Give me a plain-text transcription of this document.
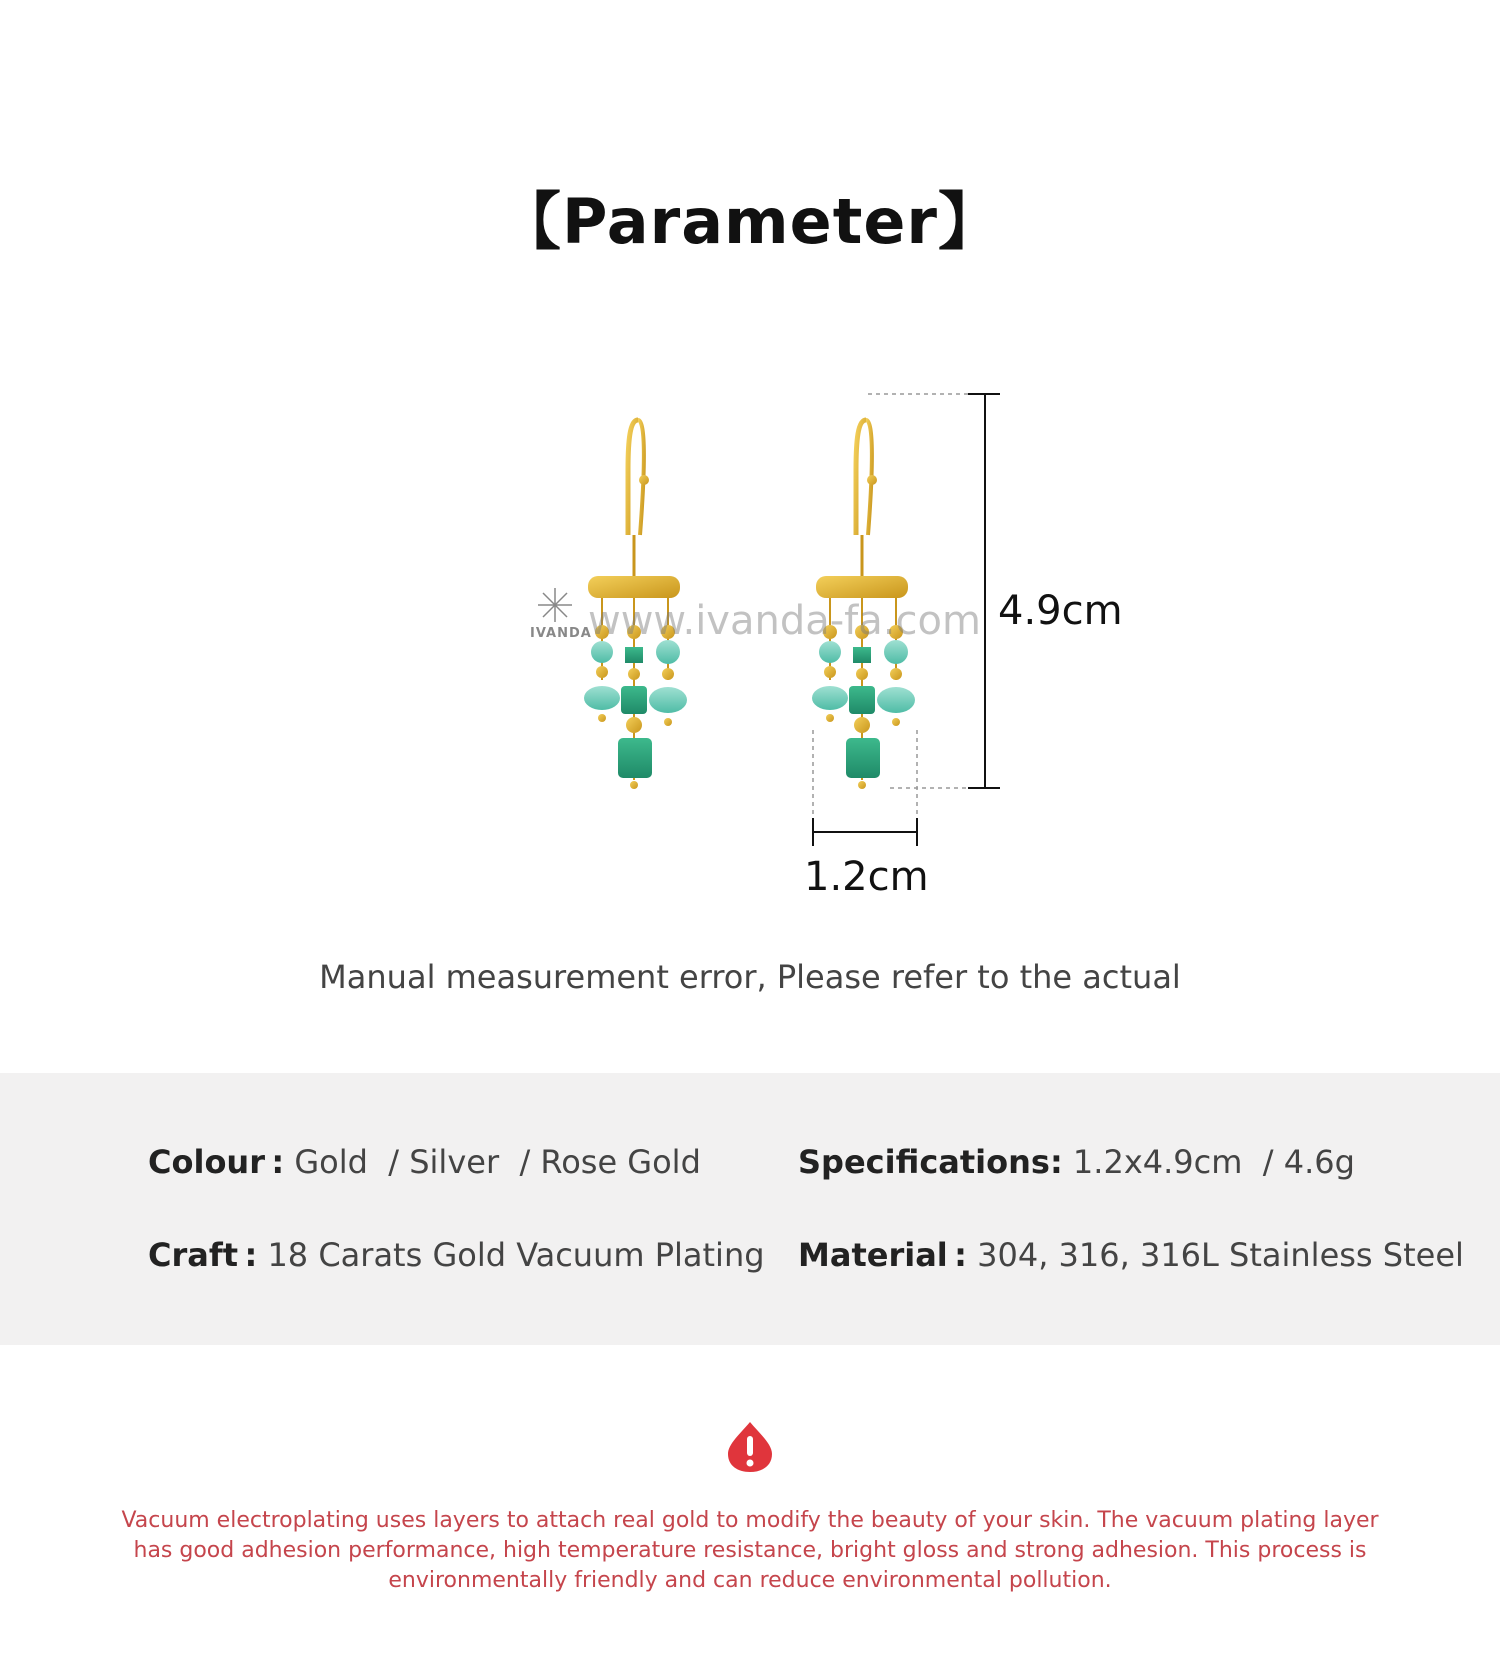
【Parameter】
www.ivanda-fa.com
IVANDA	4.9cm
1.2cm
Manual measurement error, Please refer to the actual
Colour : Gold  / Silver  / Rose Gold	Specifications: 1.2x4.9cm  / 4.6g
Craft : 18 Carats Gold Vacuum Plating Material : 304, 316, 316L Stainless Steel
Vacuum electroplating uses layers to attach real gold to modify the beauty of your skin. The vacuum plating layer has good adhesion performance, high temperature resistance, bright gloss and strong adhesion. This process is environmentally friendly and can reduce environmental pollution.
